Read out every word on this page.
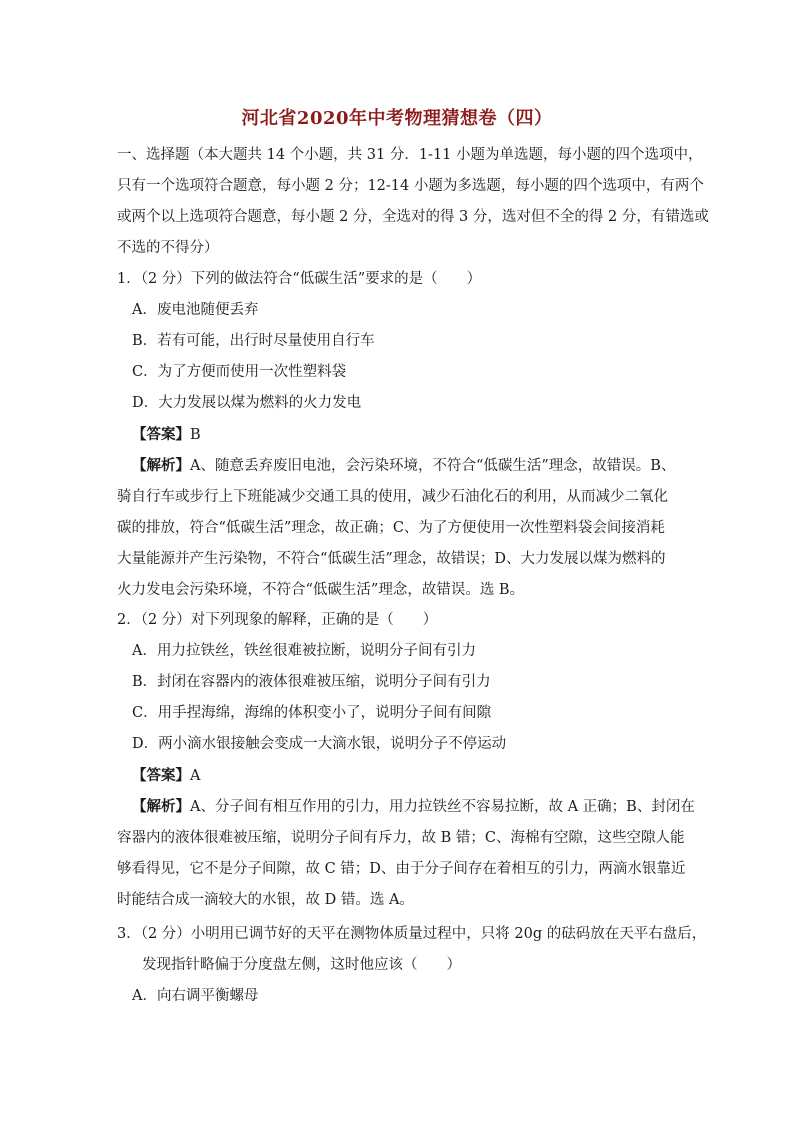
河北省2020年中考物理猜想卷（四）
一、选择题（本大题共 14 个小题，共 31 分．1-11 小题为单选题，每小题的四个选项中，
只有一个选项符合题意，每小题 2 分；12-14 小题为多选题，每小题的四个选项中，有两个
或两个以上选项符合题意，每小题 2 分，全选对的得 3 分，选对但不全的得 2 分，有错选或
不选的不得分）
1．（2 分）下列的做法符合“低碳生活”要求的是（　　）
A．废电池随便丢弃
B．若有可能，出行时尽量使用自行车
C．为了方便而使用一次性塑料袋
D．大力发展以煤为燃料的火力发电
【答案】B
【解析】A、随意丢弃废旧电池，会污染环境，不符合“低碳生活”理念，故错误。B、
骑自行车或步行上下班能减少交通工具的使用，减少石油化石的利用，从而减少二氧化
碳的排放，符合“低碳生活”理念，故正确；C、为了方便使用一次性塑料袋会间接消耗
大量能源并产生污染物，不符合“低碳生活”理念，故错误；D、大力发展以煤为燃料的
火力发电会污染环境，不符合“低碳生活”理念，故错误。选 B。
2．（2 分）对下列现象的解释，正确的是（　　）
A．用力拉铁丝，铁丝很难被拉断，说明分子间有引力
B．封闭在容器内的液体很难被压缩，说明分子间有引力
C．用手捏海绵，海绵的体积变小了，说明分子间有间隙
D．两小滴水银接触会变成一大滴水银，说明分子不停运动
【答案】A
【解析】A、分子间有相互作用的引力，用力拉铁丝不容易拉断，故 A 正确；B、封闭在
容器内的液体很难被压缩，说明分子间有斥力，故 B 错；C、海棉有空隙，这些空隙人能
够看得见，它不是分子间隙，故 C 错；D、由于分子间存在着相互的引力，两滴水银靠近
时能结合成一滴较大的水银，故 D 错。选 A。
3．（2 分）小明用已调节好的天平在测物体质量过程中，只将 20g 的砝码放在天平右盘后，
发现指针略偏于分度盘左侧，这时他应该（　　）
A．向右调平衡螺母
